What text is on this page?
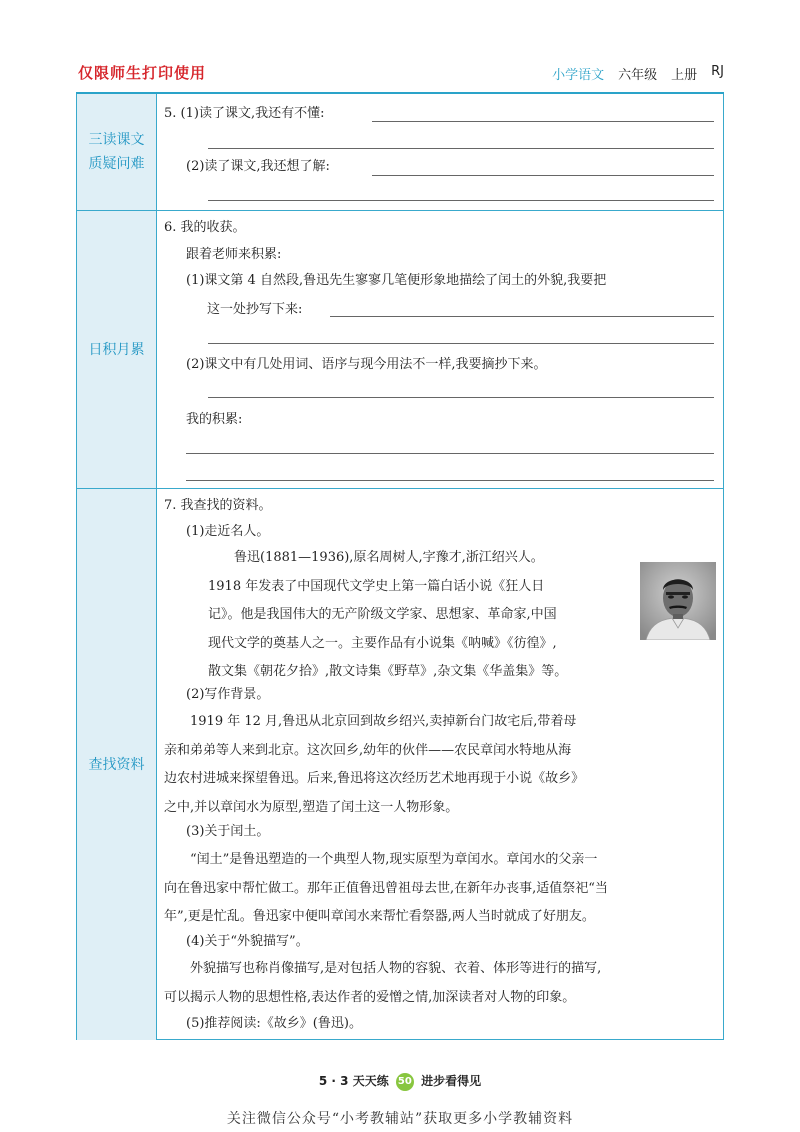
仅限师生打印使用	小学语文 六年级 上册 RJ
三读课文
质疑问难
日积月累
查找资料
5. (1)读了课文,我还有不懂:
(2)读了课文,我还想了解:
6. 我的收获。
跟着老师来积累:
(1)课文第 4 自然段,鲁迅先生寥寥几笔便形象地描绘了闰土的外貌,我要把
这一处抄写下来:
(2)课文中有几处用词、语序与现今用法不一样,我要摘抄下来。
我的积累:
7. 我查找的资料。
(1)走近名人。

　　鲁迅(1881—1936),原名周树人,字豫才,浙江绍兴人。

1918 年发表了中国现代文学史上第一篇白话小说《狂人日

记》。他是我国伟大的无产阶级文学家、思想家、革命家,中国

现代文学的奠基人之一。主要作品有小说集《呐喊》《彷徨》,

散文集《朝花夕拾》,散文诗集《野草》,杂文集《华盖集》等。

(2)写作背景。

　　1919 年 12 月,鲁迅从北京回到故乡绍兴,卖掉新台门故宅后,带着母

亲和弟弟等人来到北京。这次回乡,幼年的伙伴——农民章闰水特地从海

边农村进城来探望鲁迅。后来,鲁迅将这次经历艺术地再现于小说《故乡》

之中,并以章闰水为原型,塑造了闰土这一人物形象。

(3)关于闰土。

　　“闰土”是鲁迅塑造的一个典型人物,现实原型为章闰水。章闰水的父亲一

向在鲁迅家中帮忙做工。那年正值鲁迅曾祖母去世,在新年办丧事,适值祭祀“当

年”,更是忙乱。鲁迅家中便叫章闰水来帮忙看祭器,两人当时就成了好朋友。

(4)关于“外貌描写”。

　　外貌描写也称肖像描写,是对包括人物的容貌、衣着、体形等进行的描写,

可以揭示人物的思想性格,表达作者的爱憎之情,加深读者对人物的印象。

(5)推荐阅读:《故乡》(鲁迅)。
5 · 3 天天练 50 进步看得见
关注微信公众号“小考教辅站”获取更多小学教辅资料
